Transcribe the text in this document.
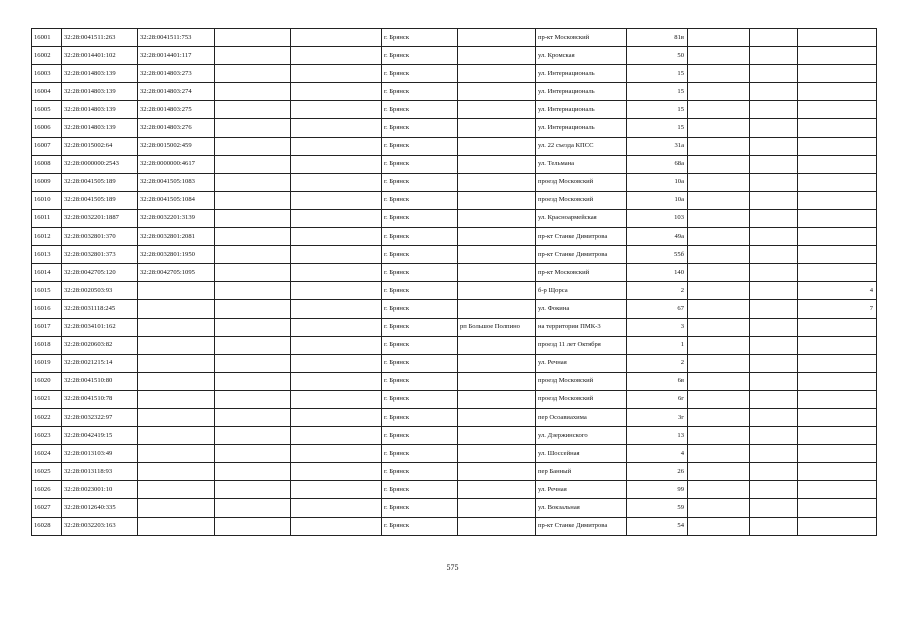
16001	32:28:0041511:263	32:28:0041511:753			г. Брянск		пр-кт Московский	81в			
16002	32:28:0014401:102	32:28:0014401:117			г. Брянск		ул. Кромская	50			
16003	32:28:0014803:139	32:28:0014803:273			г. Брянск		ул. Интернациональ	15			
16004	32:28:0014803:139	32:28:0014803:274			г. Брянск		ул. Интернациональ	15			
16005	32:28:0014803:139	32:28:0014803:275			г. Брянск		ул. Интернациональ	15			
16006	32:28:0014803:139	32:28:0014803:276			г. Брянск		ул. Интернациональ	15			
16007	32:28:0015002:64	32:28:0015002:459			г. Брянск		ул. 22 съезда КПСС	31а			
16008	32:28:0000000:2543	32:28:0000000:4617			г. Брянск		ул. Тельмана	68а			
16009	32:28:0041505:189	32:28:0041505:1083			г. Брянск		проезд Московский	10а			
16010	32:28:0041505:189	32:28:0041505:1084			г. Брянск		проезд Московский	10а			
16011	32:28:0032201:1887	32:28:0032201:3139			г. Брянск		ул. Красноармейская	103			
16012	32:28:0032801:370	32:28:0032801:2081			г. Брянск		пр-кт Станке Димитрова	49а			
16013	32:28:0032801:373	32:28:0032801:1950			г. Брянск		пр-кт Станке Димитрова	55б			
16014	32:28:0042705:120	32:28:0042705:1095			г. Брянск		пр-кт Московский	140			
16015	32:28:0020503:93				г. Брянск		б-р Щорса	2			4
16016	32:28:0031118:245				г. Брянск		ул. Фокина	67			7
16017	32:28:0034101:162				г. Брянск	рп Большое Полпино	на территории ПМК-3	3			
16018	32:28:0020603:82				г. Брянск		проезд 11 лет Октября	1			
16019	32:28:0021215:14				г. Брянск		ул. Речная	2			
16020	32:28:0041510:80				г. Брянск		проезд Московский	6в			
16021	32:28:0041510:78				г. Брянск		проезд Московский	6г			
16022	32:28:0032322:97				г. Брянск		пер Осоавиахима	3г			
16023	32:28:0042419:15				г. Брянск		ул. Дзержинского	13			
16024	32:28:0013103:49				г. Брянск		ул. Шоссейная	4			
16025	32:28:0013118:93				г. Брянск		пер Банный	26			
16026	32:28:0023001:10				г. Брянск		ул. Речная	99			
16027	32:28:0012640:335				г. Брянск		ул. Вокзальная	59			
16028	32:28:0032203:163				г. Брянск		пр-кт Станке Димитрова	54			
575
